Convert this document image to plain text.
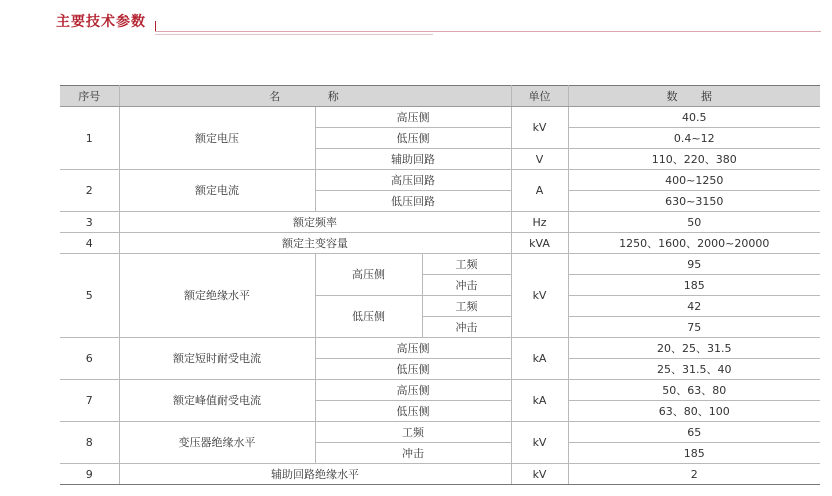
主要技术参数
序号	名 称			单位	数 据
1	额定电压	高压侧		kV	40.5
		低压侧			0.4~12
		辅助回路		V	110、220、380
2	额定电流	高压回路		A	400~1250
		低压回路			630~3150
3	额定频率			Hz	50
4	额定主变容量			kVA	1250、1600、2000~20000
5	额定绝缘水平	高压侧	工频	kV	95
			冲击		185
		低压侧	工频		42
			冲击		75
6	额定短时耐受电流	高压侧		kA	20、25、31.5
		低压侧			25、31.5、40
7	额定峰值耐受电流	高压侧		kA	50、63、80
		低压侧			63、80、100
8	变压器绝缘水平	工频		kV	65
		冲击			185
9	辅助回路绝缘水平			kV	2
